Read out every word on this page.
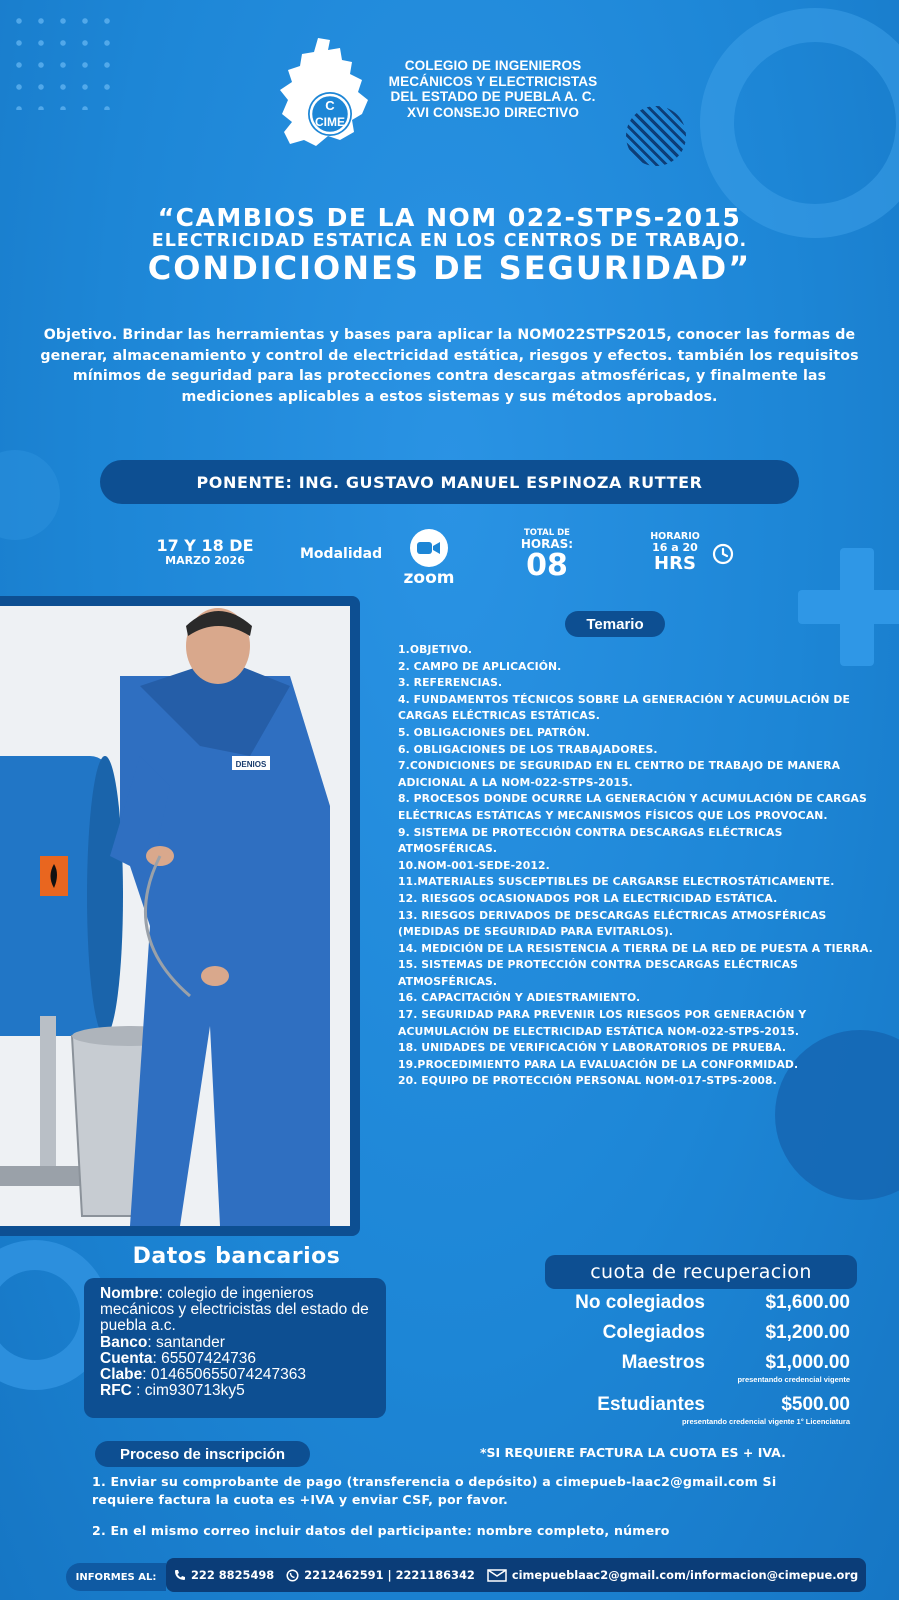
C
CIME
COLEGIO DE INGENIEROS
MECÁNICOS Y ELECTRICISTAS
DEL ESTADO DE PUEBLA A. C.
XVI CONSEJO DIRECTIVO
“CAMBIOS DE LA NOM 022-STPS-2015
ELECTRICIDAD ESTATICA EN LOS CENTROS DE TRABAJO.
CONDICIONES DE SEGURIDAD”
Objetivo. Brindar las herramientas y bases para aplicar la NOM022STPS2015, conocer las formas de generar, almacenamiento y control de electricidad estática, riesgos y efectos. también los requisitos mínimos de seguridad para las protecciones contra descargas atmosféricas, y finalmente las mediciones aplicables a estos sistemas y sus métodos aprobados.
PONENTE: ING. GUSTAVO MANUEL ESPINOZA RUTTER
17 Y 18 DE
MARZO 2026	Modalidad
zoom
TOTAL DE
HORAS:
08
HORARIO
16 a 20
HRS
DENIOS
Temario
1.OBJETIVO.
2. CAMPO DE APLICACIÓN.
3. REFERENCIAS.
4. FUNDAMENTOS TÉCNICOS SOBRE LA GENERACIÓN Y ACUMULACIÓN DE CARGAS ELÉCTRICAS ESTÁTICAS.
5. OBLIGACIONES DEL PATRÓN.
6. OBLIGACIONES DE LOS TRABAJADORES.
7.CONDICIONES DE SEGURIDAD EN EL CENTRO DE TRABAJO DE MANERA ADICIONAL A LA NOM-022-STPS-2015.
8. PROCESOS DONDE OCURRE LA GENERACIÓN Y ACUMULACIÓN DE CARGAS ELÉCTRICAS ESTÁTICAS Y MECANISMOS FÍSICOS QUE LOS PROVOCAN.
9. SISTEMA DE PROTECCIÓN CONTRA DESCARGAS ELÉCTRICAS ATMOSFÉRICAS.
10.NOM-001-SEDE-2012.
11.MATERIALES SUSCEPTIBLES DE CARGARSE ELECTROSTÁTICAMENTE.
12. RIESGOS OCASIONADOS POR LA ELECTRICIDAD ESTÁTICA.
13. RIESGOS DERIVADOS DE DESCARGAS ELÉCTRICAS ATMOSFÉRICAS (MEDIDAS DE SEGURIDAD PARA EVITARLOS).
14. MEDICIÓN DE LA RESISTENCIA A TIERRA DE LA RED DE PUESTA A TIERRA.
15. SISTEMAS DE PROTECCIÓN CONTRA DESCARGAS ELÉCTRICAS ATMOSFÉRICAS.
16. CAPACITACIÓN Y ADIESTRAMIENTO.
17. SEGURIDAD PARA PREVENIR LOS RIESGOS POR GENERACIÓN Y ACUMULACIÓN DE ELECTRICIDAD ESTÁTICA NOM-022-STPS-2015.
18. UNIDADES DE VERIFICACIÓN Y LABORATORIOS DE PRUEBA.
19.PROCEDIMIENTO PARA LA EVALUACIÓN DE LA CONFORMIDAD.
20. EQUIPO DE PROTECCIÓN PERSONAL NOM-017-STPS-2008.
Datos bancarios
Nombre: colegio de ingenieros mecánicos y electricistas del estado de puebla a.c.
Banco: santander
Cuenta: 65507424736
Clabe: 014650655074247363
RFC : cim930713ky5
cuota de recuperacion
No colegiados	$1,600.00
Colegiados	$1,200.00
Maestros	$1,000.00
presentando credencial vigente
Estudiantes	$500.00
presentando credencial vigente 1° Licenciatura
Proceso de inscripción	*SI REQUIERE FACTURA LA CUOTA ES + IVA.
1. Enviar su comprobante de pago (transferencia o depósito) a cimepueb-laac2@gmail.com Si requiere factura la cuota es +IVA y enviar CSF, por favor.
2. En el mismo correo incluir datos del participante: nombre completo, número
INFORMES AL:	222 8825498	2212462591 | 2221186342	cimepueblaac2@gmail.com/informacion@cimepue.org
